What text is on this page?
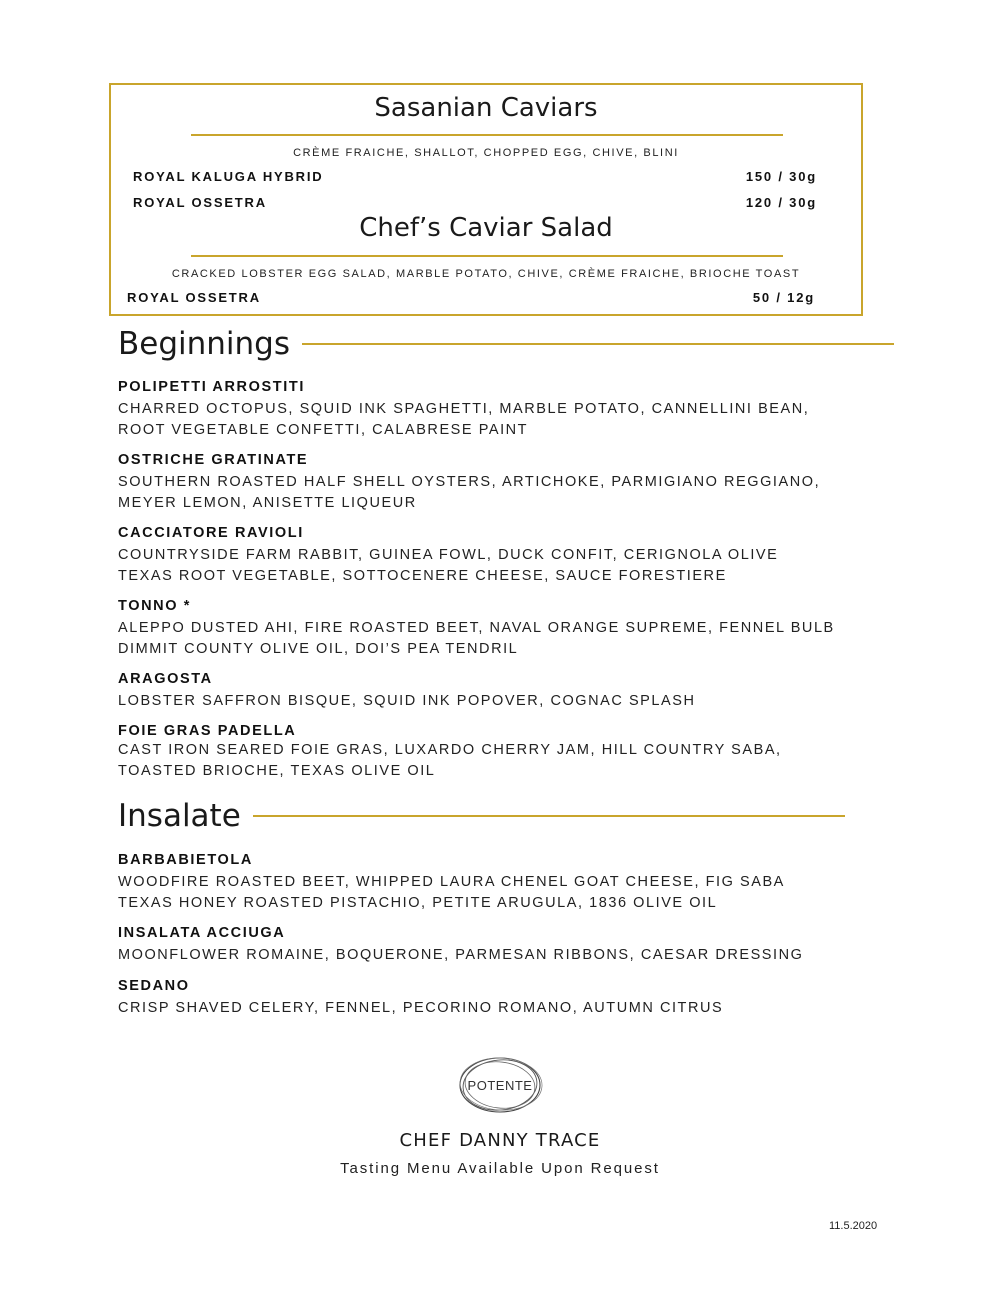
Sasanian Caviars
CRÈME FRAICHE, SHALLOT, CHOPPED EGG, CHIVE, BLINI
ROYAL KALUGA HYBRID	150 / 30g
ROYAL OSSETRA	120 / 30g
Chef’s Caviar Salad
CRACKED LOBSTER EGG SALAD, MARBLE POTATO, CHIVE, CRÈME FRAICHE, BRIOCHE TOAST
ROYAL OSSETRA	50 / 12g
Beginnings
POLIPETTI ARROSTITI
CHARRED OCTOPUS, SQUID INK SPAGHETTI, MARBLE POTATO, CANNELLINI BEAN,
ROOT VEGETABLE CONFETTI, CALABRESE PAINT
OSTRICHE GRATINATE
SOUTHERN ROASTED HALF SHELL OYSTERS, ARTICHOKE, PARMIGIANO REGGIANO,
MEYER LEMON, ANISETTE LIQUEUR
CACCIATORE RAVIOLI
COUNTRYSIDE FARM RABBIT, GUINEA FOWL, DUCK CONFIT, CERIGNOLA OLIVE
TEXAS ROOT VEGETABLE, SOTTOCENERE CHEESE, SAUCE FORESTIERE
TONNO *
ALEPPO DUSTED AHI, FIRE ROASTED BEET, NAVAL ORANGE SUPREME, FENNEL BULB
DIMMIT COUNTY OLIVE OIL, DOI’S PEA TENDRIL
ARAGOSTA
LOBSTER SAFFRON BISQUE, SQUID INK POPOVER, COGNAC SPLASH
FOIE GRAS PADELLA
CAST IRON SEARED FOIE GRAS, LUXARDO CHERRY JAM, HILL COUNTRY SABA,
TOASTED BRIOCHE, TEXAS OLIVE OIL
Insalate
BARBABIETOLA
WOODFIRE ROASTED BEET, WHIPPED LAURA CHENEL GOAT CHEESE, FIG SABA
TEXAS HONEY ROASTED PISTACHIO, PETITE ARUGULA, 1836 OLIVE OIL
INSALATA ACCIUGA
MOONFLOWER ROMAINE, BOQUERONE, PARMESAN RIBBONS, CAESAR DRESSING
SEDANO
CRISP SHAVED CELERY, FENNEL, PECORINO ROMANO, AUTUMN CITRUS
POTENTE
CHEF DANNY TRACE
Tasting Menu Available Upon Request
11.5.2020
